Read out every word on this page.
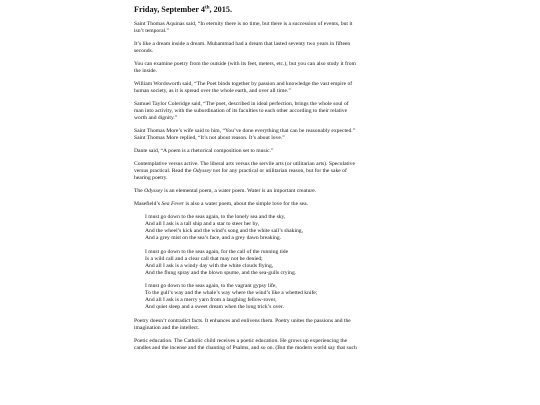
Friday, September 4th, 2015.
Saint Thomas Aquinas said, “In eternity there is no time, but there is a succession of events, but it
isn’t temporal.”
It’s like a dream inside a dream. Muhammad had a dream that lasted seventy two years in fifteen
seconds.
You can examine poetry from the outside (with its feet, meters, etc.), but you can also study it from
the inside.
William Wordsworth said, “The Poet binds together by passion and knowledge the vast empire of
human society, as it is spread over the whole earth, and over all time.”
Samuel Taylor Coleridge said, “The poet, described in ideal perfection, brings the whole soul of
man into activity, with the subordination of its faculties to each other according to their relative
worth and dignity.”
Saint Thomas More’s wife said to him, “You’ve done everything that can be reasonably expected.”
Saint Thomas More replied, “It’s not about reason. It’s about love.”
Dante said, “A poem is a rhetorical composition set to music.”
Contemplative versus active. The liberal arts versus the servile arts (or utilitarian arts). Speculative
versus practical. Read the Odyssey not for any practical or utilitarian reason, but for the sake of
hearing poetry.
The Odyssey is an elemental poem, a water poem. Water is an important creature.
Masefield’s Sea Fever is also a water poem, about the simple love for the sea.
I must go down to the seas again, to the lonely sea and the sky,
And all I ask is a tall ship and a star to steer her by,
And the wheel’s kick and the wind’s song and the white sail’s shaking,
And a grey mist on the sea’s face, and a grey dawn breaking.
I must go down to the seas again, for the call of the running tide
Is a wild call and a clear call that may not be denied;
And all I ask is a windy day with the white clouds flying,
And the flung spray and the blown spume, and the sea-gulls crying.
I must go down to the seas again, to the vagrant gypsy life,
To the gull’s way and the whale’s way where the wind’s like a whetted knife;
And all I ask is a merry yarn from a laughing fellow-rover,
And quiet sleep and a sweet dream when the long trick’s over.
Poetry doesn’t contradict facts. It enhances and enlivens them. Poetry unites the passions and the
imagination and the intellect.
Poetic education. The Catholic child receives a poetic education. He grows up experiencing the
candles and the incense and the chanting of Psalms, and so on. (But the modern world say that such
